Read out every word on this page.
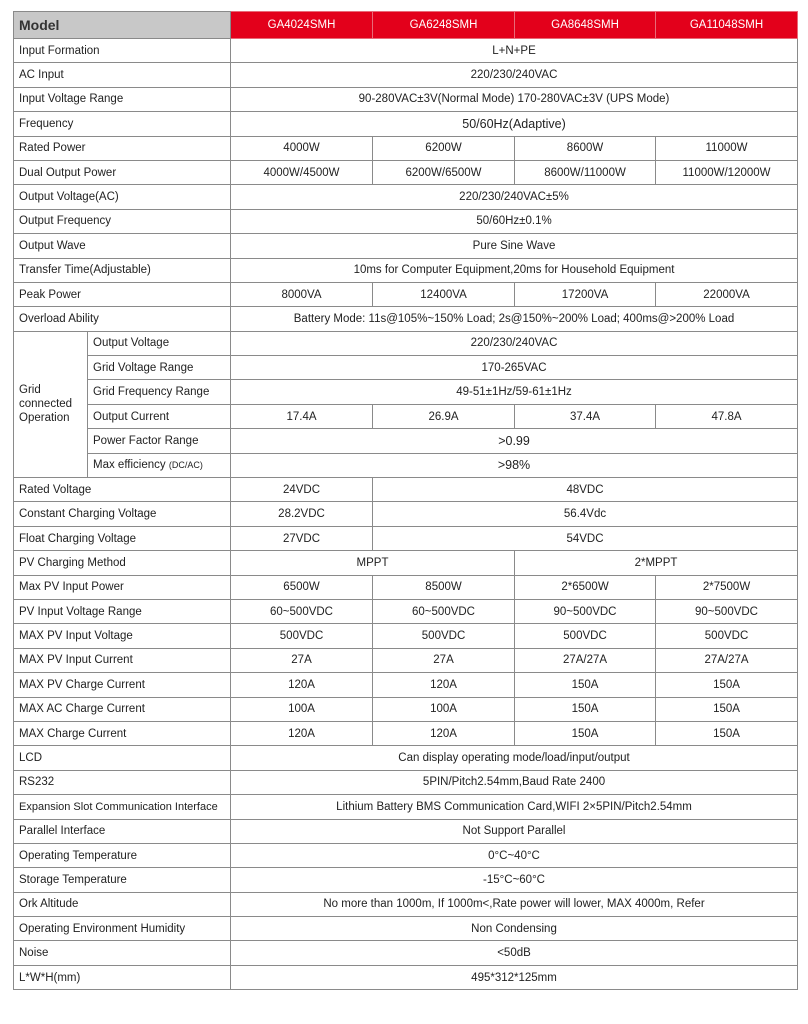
Model		GA4024SMH	GA6248SMH	GA8648SMH	GA11048SMH
Input Formation		L+N+PE			
AC Input		220/230/240VAC			
Input Voltage Range		90-280VAC±3V(Normal Mode) 170-280VAC±3V (UPS Mode)			
Frequency		50/60Hz(Adaptive)			
Rated Power		4000W	6200W	8600W	11000W
Dual Output Power		4000W/4500W	6200W/6500W	8600W/11000W	11000W/12000W
Output Voltage(AC)		220/230/240VAC±5%			
Output Frequency		50/60Hz±0.1%			
Output Wave		Pure Sine Wave			
Transfer Time(Adjustable)		10ms for Computer Equipment,20ms for Household Equipment			
Peak Power		8000VA	12400VA	17200VA	22000VA
Overload Ability		Battery Mode: 11s@105%~150% Load; 2s@150%~200% Load; 400ms@>200% Load			
Grid connected Operation	Output Voltage	220/230/240VAC			
	Grid Voltage Range	170-265VAC			
	Grid Frequency Range	49-51±1Hz/59-61±1Hz			
	Output Current	17.4A	26.9A	37.4A	47.8A
	Power Factor Range	>0.99			
	Max efficiency (DC/AC)	>98%			
Rated Voltage		24VDC	48VDC		
Constant Charging Voltage		28.2VDC	56.4Vdc		
Float Charging Voltage		27VDC	54VDC		
PV Charging Method		MPPT		2*MPPT	
Max PV Input Power		6500W	8500W	2*6500W	2*7500W
PV Input Voltage Range		60~500VDC	60~500VDC	90~500VDC	90~500VDC
MAX PV Input Voltage		500VDC	500VDC	500VDC	500VDC
MAX PV Input Current		27A	27A	27A/27A	27A/27A
MAX PV Charge Current		120A	120A	150A	150A
MAX AC Charge Current		100A	100A	150A	150A
MAX Charge Current		120A	120A	150A	150A
LCD		Can display operating mode/load/input/output			
RS232		5PIN/Pitch2.54mm,Baud Rate 2400			
Expansion Slot Communication Interface		Lithium Battery BMS Communication Card,WIFI 2×5PIN/Pitch2.54mm			
Parallel Interface		Not Support Parallel			
Operating Temperature		0°C~40°C			
Storage Temperature		-15°C~60°C			
Ork Altitude		No more than 1000m, If 1000m<,Rate power will lower, MAX 4000m, Refer			
Operating Environment Humidity		Non Condensing			
Noise		<50dB			
L*W*H(mm)		495*312*125mm			
